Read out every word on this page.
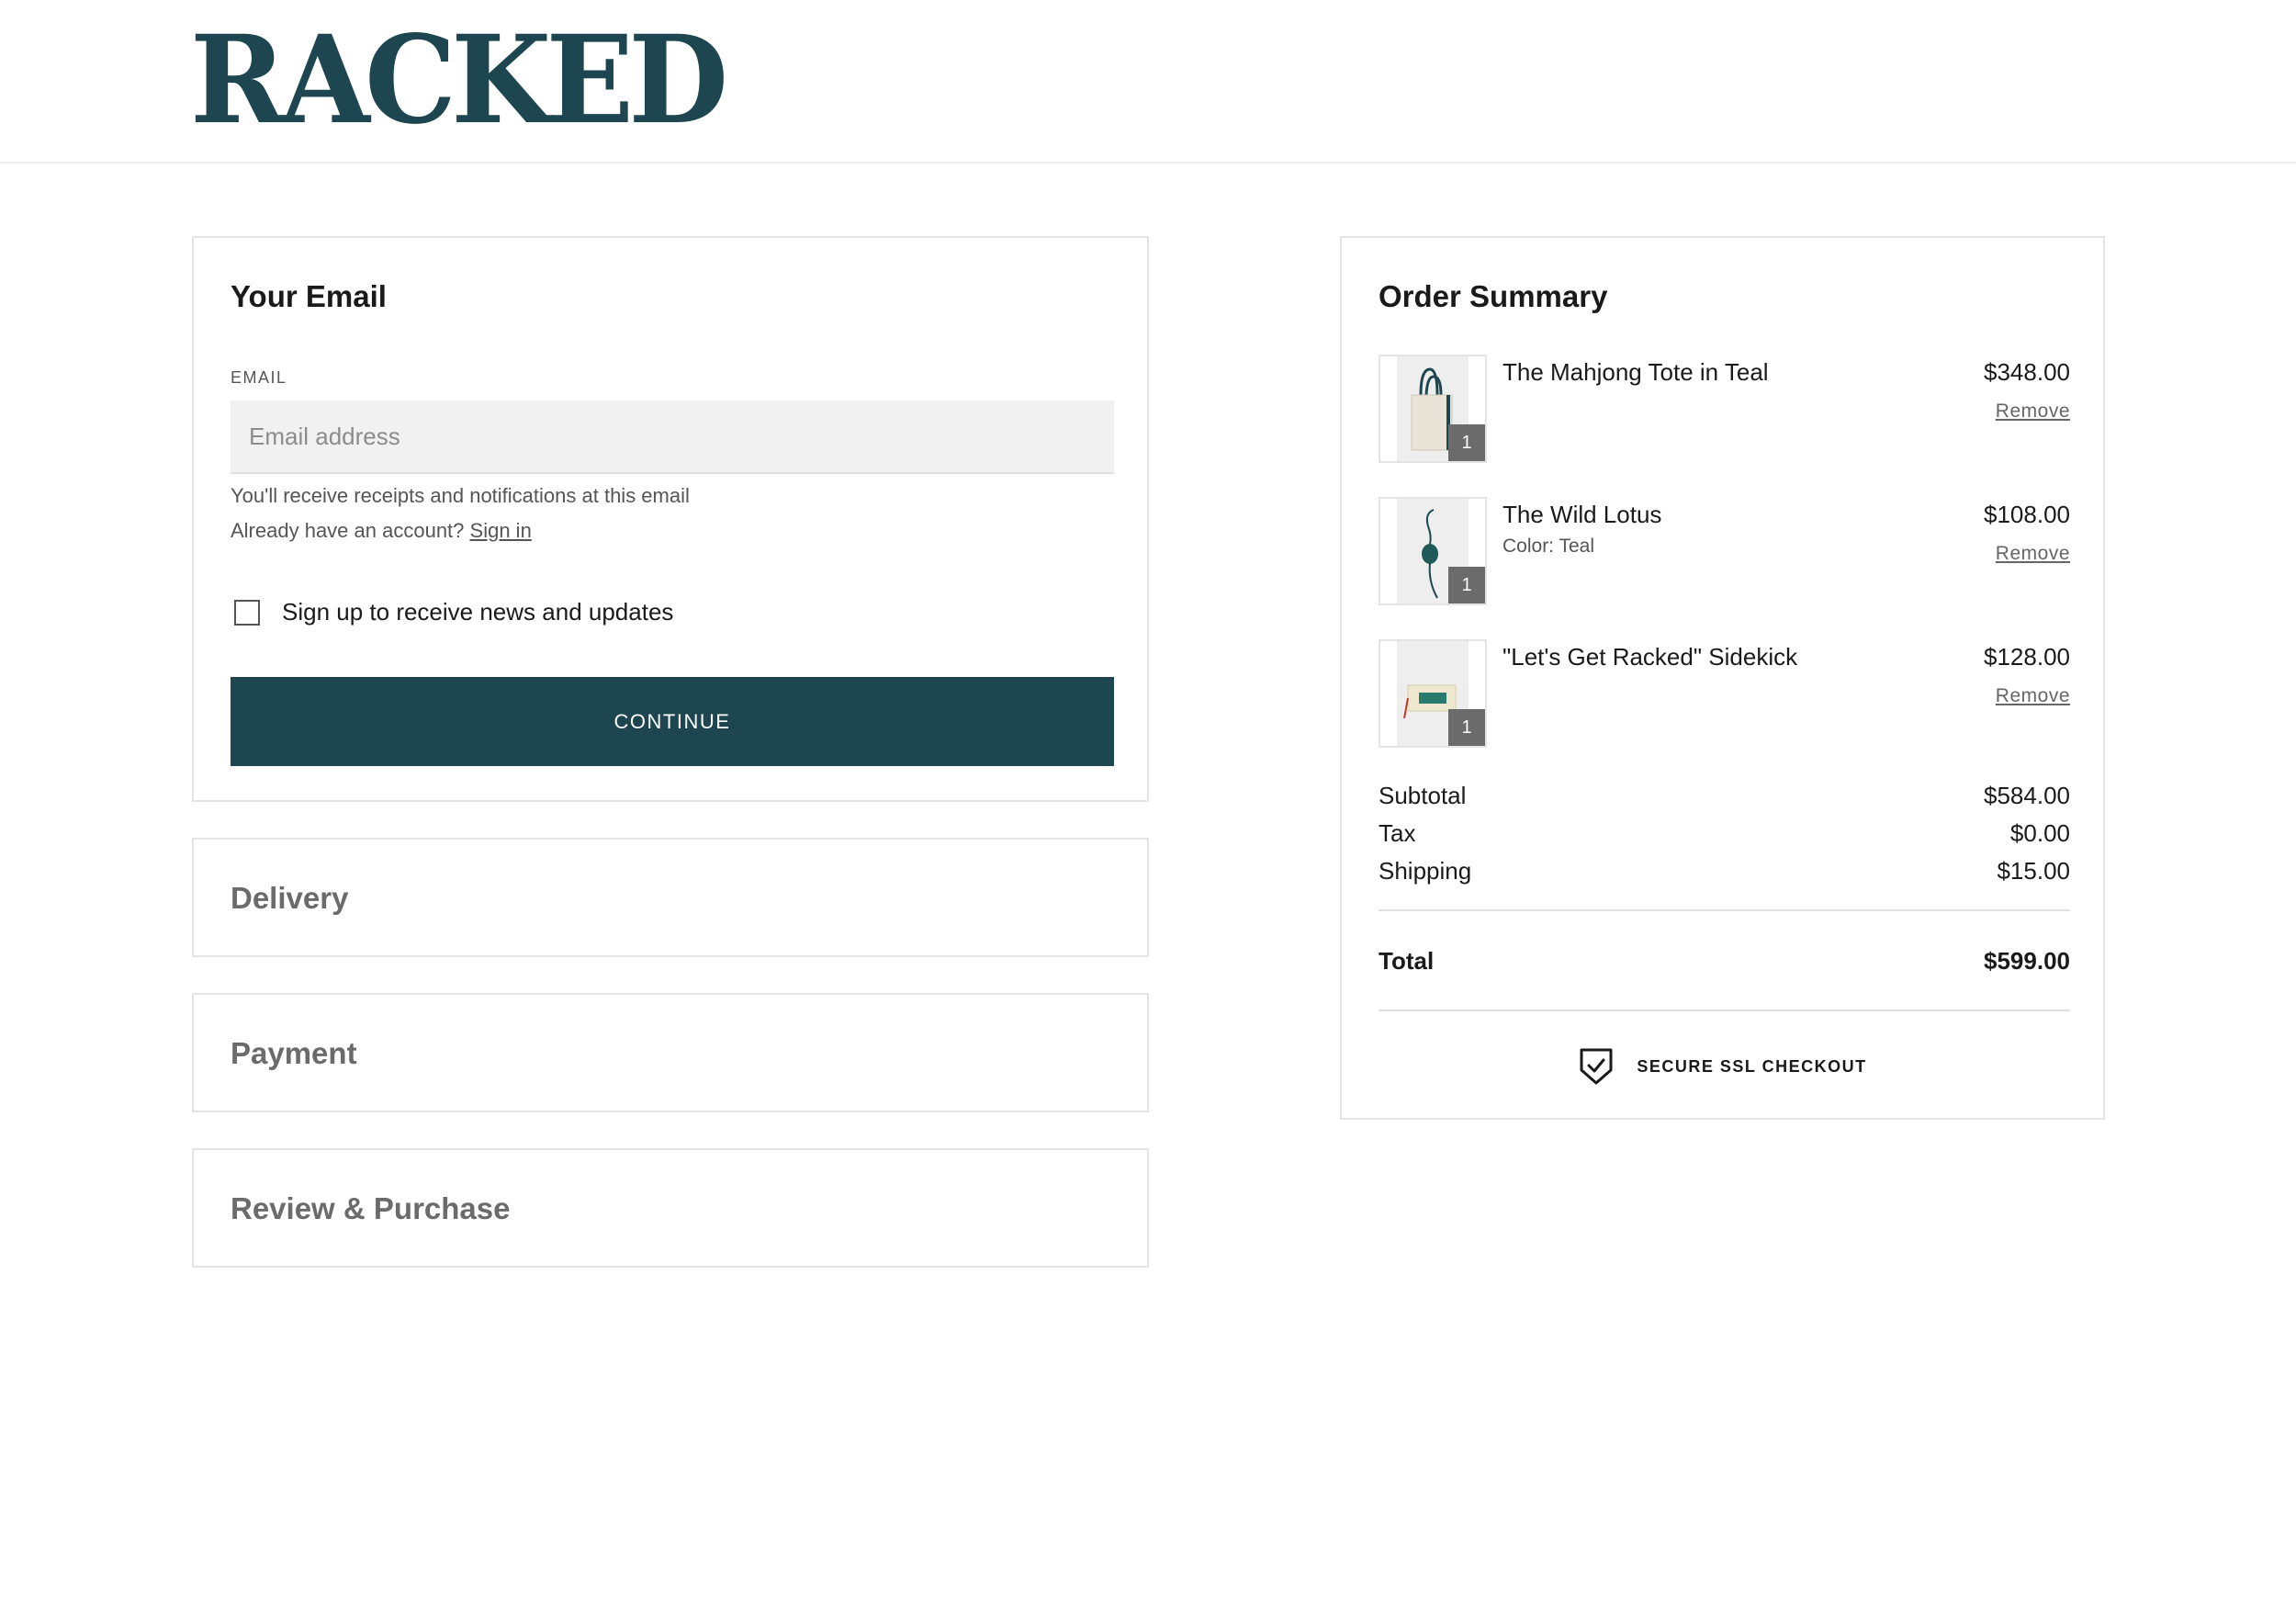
RACKED
Your Email
EMAIL
Email address
You'll receive receipts and notifications at this email
Already have an account? Sign in
Sign up to receive news and updates
CONTINUE
Delivery
Payment
Review & Purchase
Order Summary
1
The Mahjong Tote in Teal	$348.00
Remove
1
The Wild Lotus
Color: Teal
$108.00
Remove
1
"Let's Get Racked" Sidekick	$128.00
Remove
Subtotal	$584.00
Tax	$0.00
Shipping	$15.00
Total	$599.00
SECURE SSL CHECKOUT
